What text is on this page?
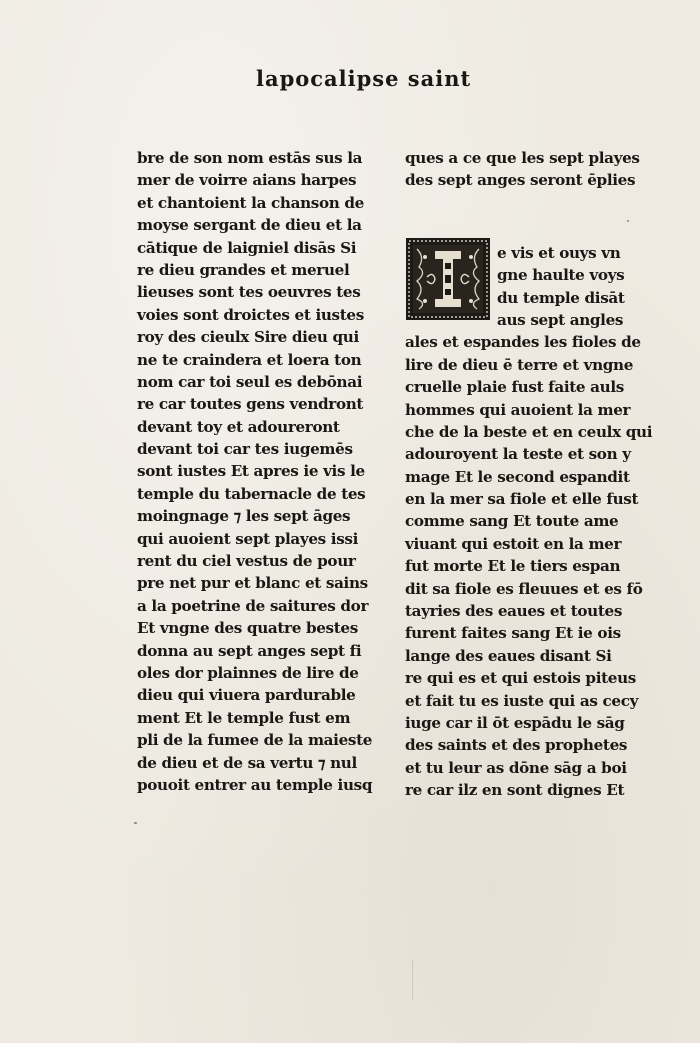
lapocalipse saint
bre de son nom estās sus la
mer de voirre aians harpes
et chantoient la chanson de
moyse sergant de dieu et la
cātique de laigniel disās Si
re dieu grandes et meruel
lieuses sont tes oeuvres tes
voies sont droictes et iustes
roy des cieulx Sire dieu qui
ne te craindera et loera ton
nom car toi seul es debōnai
re car toutes gens vendront
devant toy et adoureront
devant toi car tes iugemēs
sont iustes Et apres ie vis le
temple du tabernacle de tes
moingnage ⁊ les sept āges
qui auoient sept playes issi
rent du ciel vestus de pour
pre net pur et blanc et sains
a la poetrine de saitures dor
Et vngne des quatre bestes
donna au sept anges sept fi
oles dor plainnes de lire de
dieu qui viuera pardurable
ment Et le temple fust em
pli de la fumee de la maieste
de dieu et de sa vertu ⁊ nul
pouoit entrer au temple iusq
ques a ce que les sept playes
des sept anges seront ēplies
e vis et ouys vn
gne haulte voys
du temple disāt
aus sept angles
ales et espandes les fioles de
lire de dieu ē terre et vngne
cruelle plaie fust faite auls
hommes qui auoient la mer
che de la beste et en ceulx qui
adouroyent la teste et son y
mage Et le second espandit
en la mer sa fiole et elle fust
comme sang Et toute ame
viuant qui estoit en la mer
fut morte Et le tiers espan
dit sa fiole es fleuues et es fō
tayries des eaues et toutes
furent faites sang Et ie ois
lange des eaues disant Si
re qui es et qui estois piteus
et fait tu es iuste qui as cecy
iuge car il ōt espādu le sāg
des saints et des prophetes
et tu leur as dōne sāg a boi
re car ilz en sont dignes Et
